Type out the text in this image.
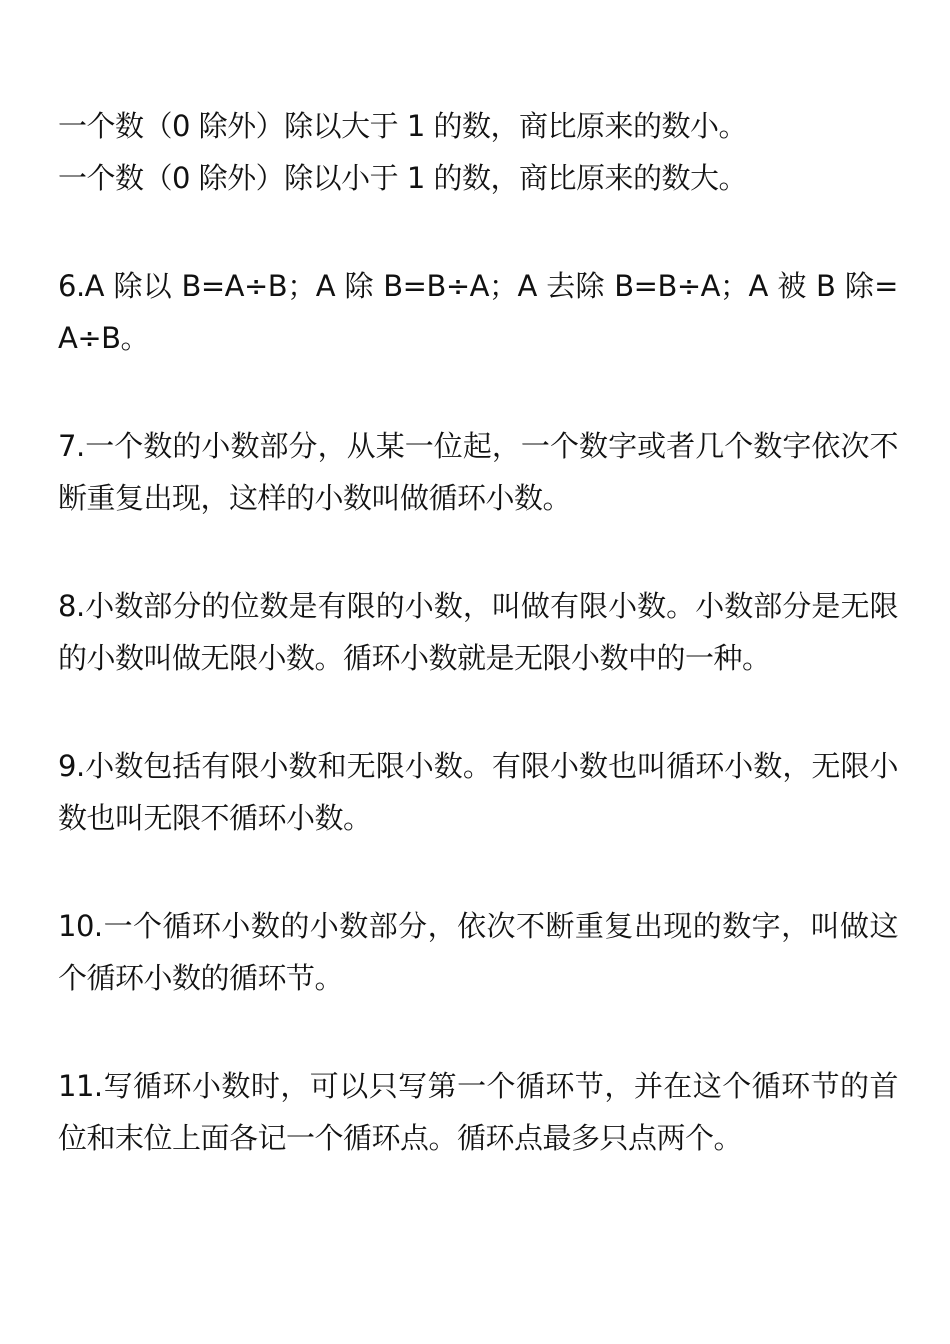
一个数（0 除外）除以大于 1 的数，商比原来的数小。

一个数（0 除外）除以小于 1 的数，商比原来的数大。

6.A 除以 B=A÷B；A 除 B=B÷A；A 去除 B=B÷A；A 被 B 除=A÷B。

7.一个数的小数部分，从某一位起，一个数字或者几个数字依次不断重复出现，这样的小数叫做循环小数。

8.小数部分的位数是有限的小数，叫做有限小数。小数部分是无限的小数叫做无限小数。循环小数就是无限小数中的一种。

9.小数包括有限小数和无限小数。有限小数也叫循环小数，无限小数也叫无限不循环小数。

10.一个循环小数的小数部分，依次不断重复出现的数字，叫做这个循环小数的循环节。

11.写循环小数时，可以只写第一个循环节，并在这个循环节的首位和末位上面各记一个循环点。循环点最多只点两个。
